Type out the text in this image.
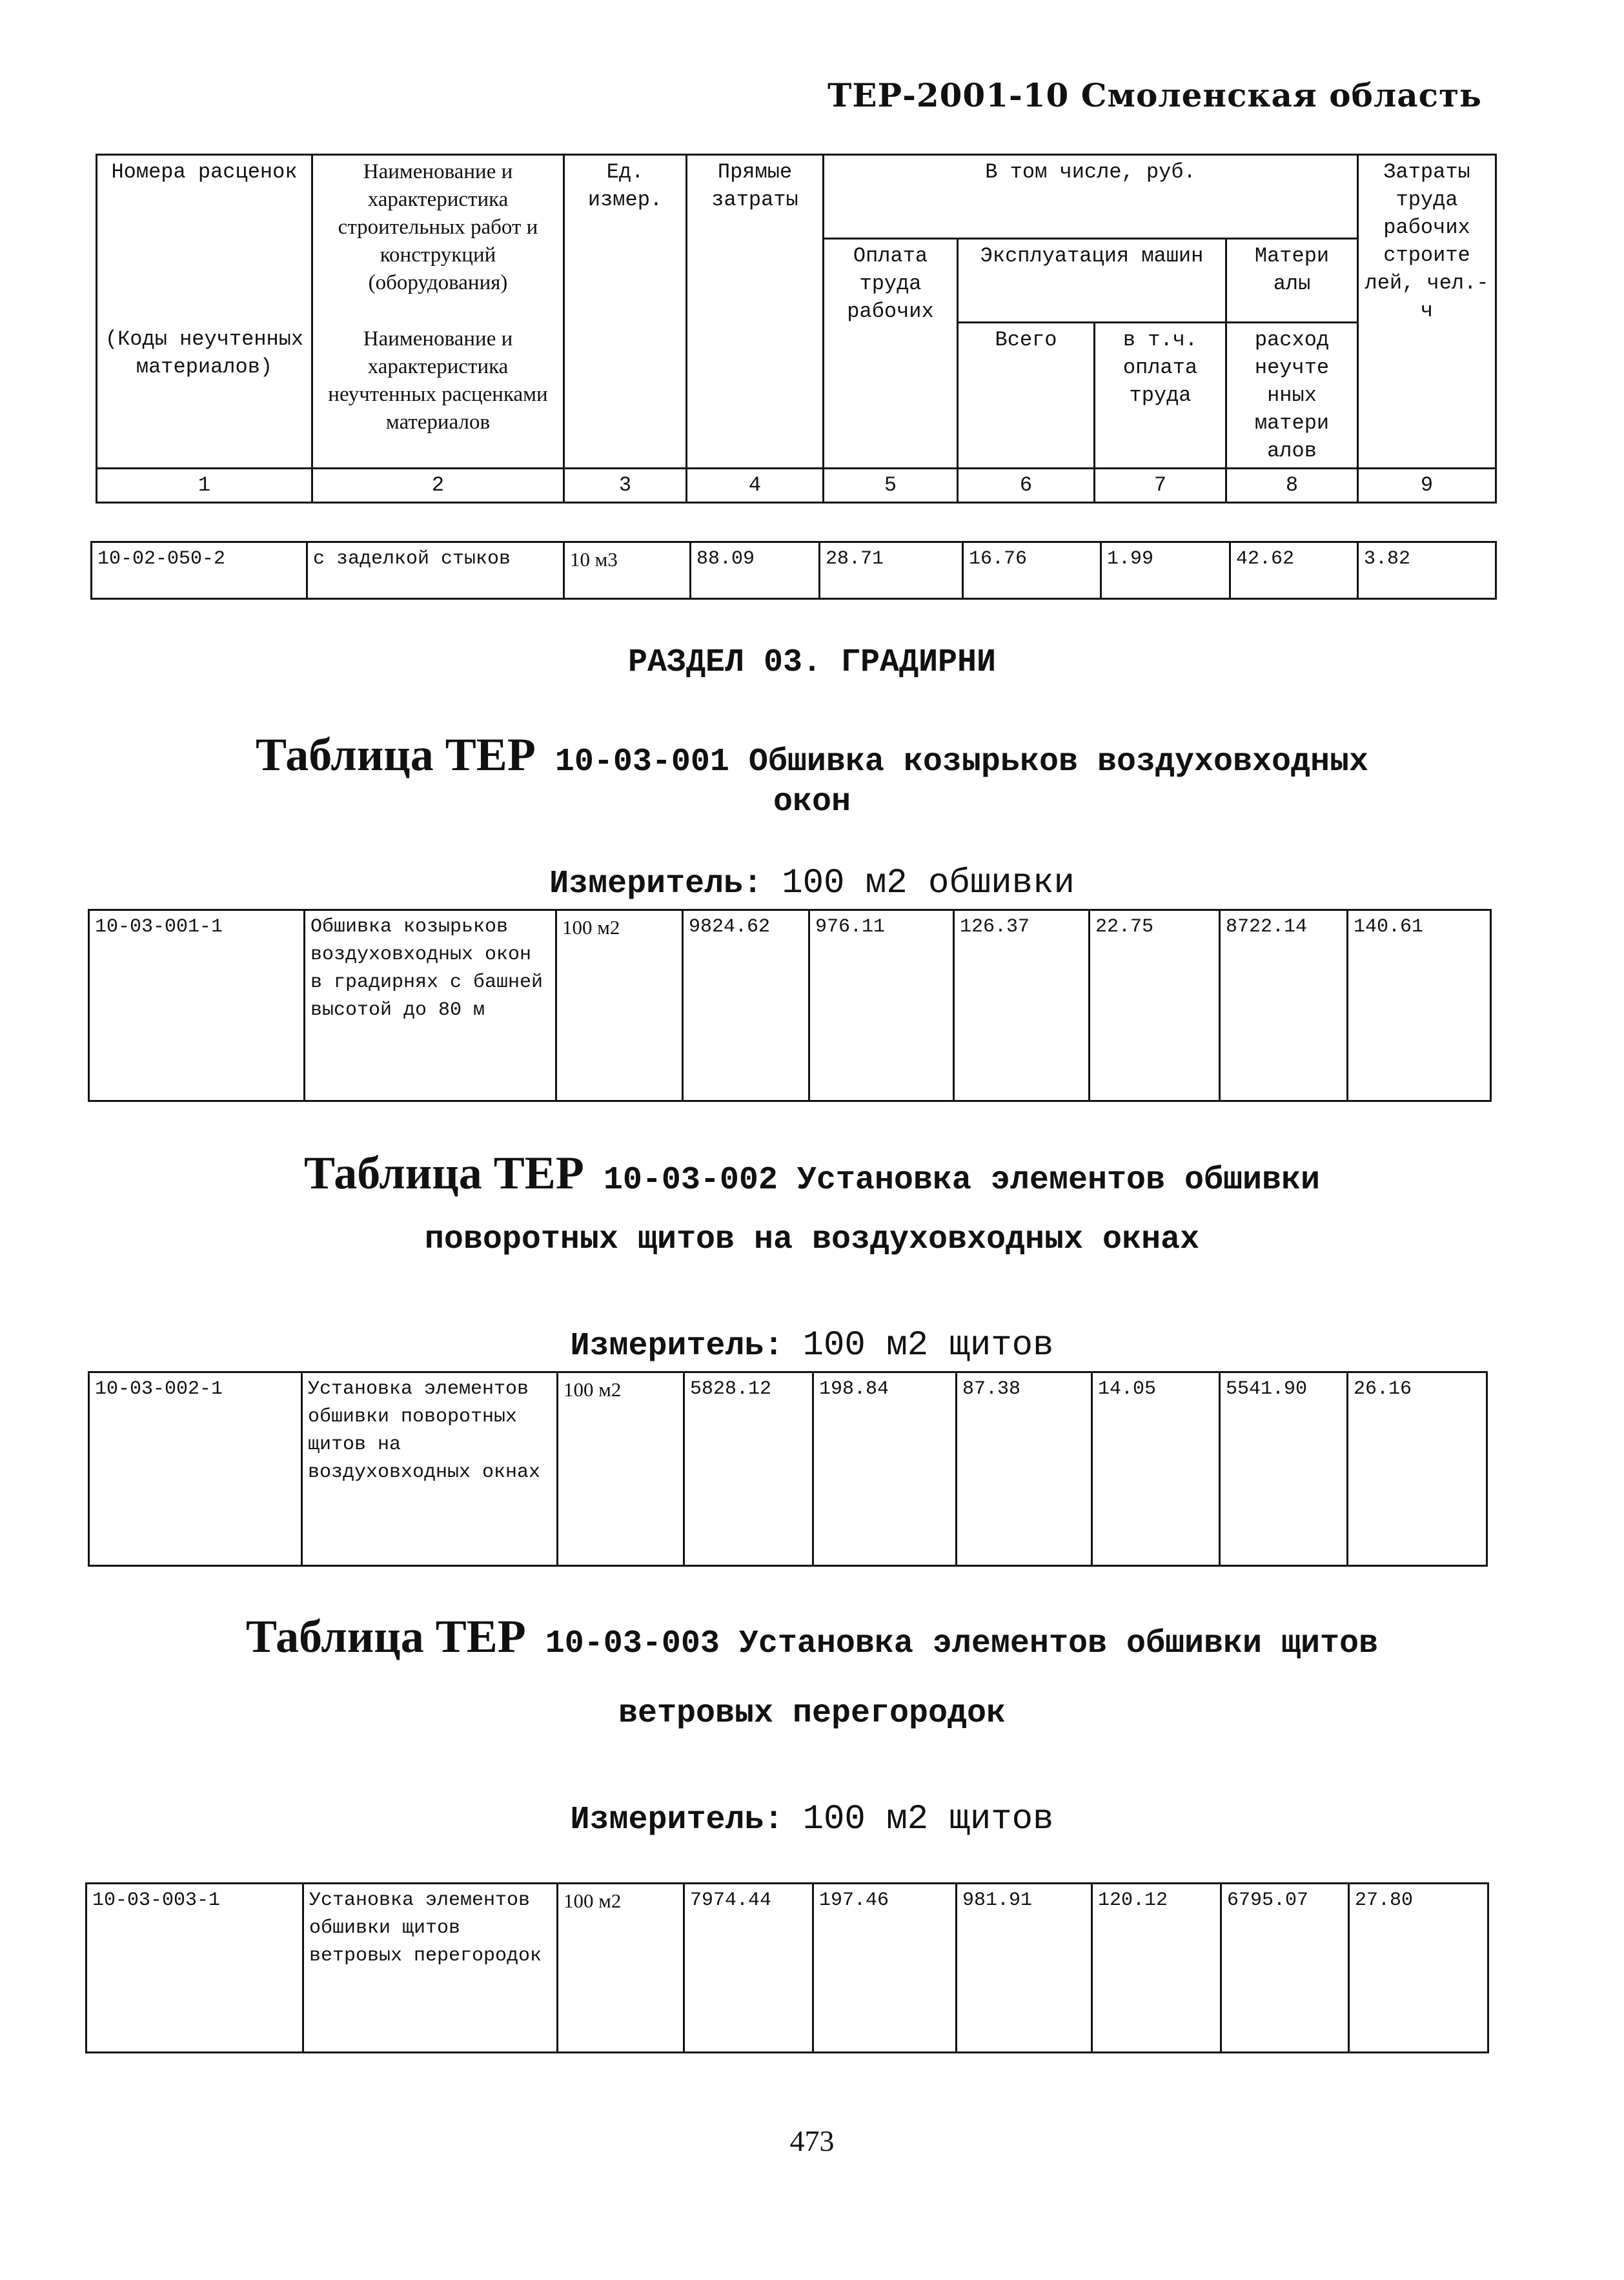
ТЕР-2001-10 Смоленская область
Номера расценок	Наименование и характеристика строительных работ и конструкций (оборудования)	Ед. измер.	Прямые затраты	В том числе, руб.				Затраты труда рабочих строите лей, чел.-ч
				Оплата труда рабочих	Эксплуатация машин		Матери алы	
(Коды неучтенных материалов)	Наименование и характеристика неучтенных расценками материалов				Всего	в т.ч. оплата труда	расход неучте нных матери алов	
1	2	3	4	5	6	7	8	9
10-02-050-2	с заделкой стыков	10 м3	88.09	28.71	16.76	1.99	42.62	3.82
РАЗДЕЛ 03. ГРАДИРНИ
Таблица ТЕР 10-03-001 Обшивка козырьков воздуховходных
окон
Измеритель: 100 м2 обшивки
10-03-001-1	Обшивка козырьков воздуховходных окон в градирнях с башней высотой до 80 м	100 м2	9824.62	976.11	126.37	22.75	8722.14	140.61
Таблица ТЕР 10-03-002 Установка элементов обшивки
поворотных щитов на воздуховходных окнах
Измеритель: 100 м2 щитов
10-03-002-1	Установка элементов обшивки поворотных щитов на воздуховходных окнах	100 м2	5828.12	198.84	87.38	14.05	5541.90	26.16
Таблица ТЕР 10-03-003 Установка элементов обшивки щитов
ветровых перегородок
Измеритель: 100 м2 щитов
10-03-003-1	Установка элементов обшивки щитов ветровых перегородок	100 м2	7974.44	197.46	981.91	120.12	6795.07	27.80
473
